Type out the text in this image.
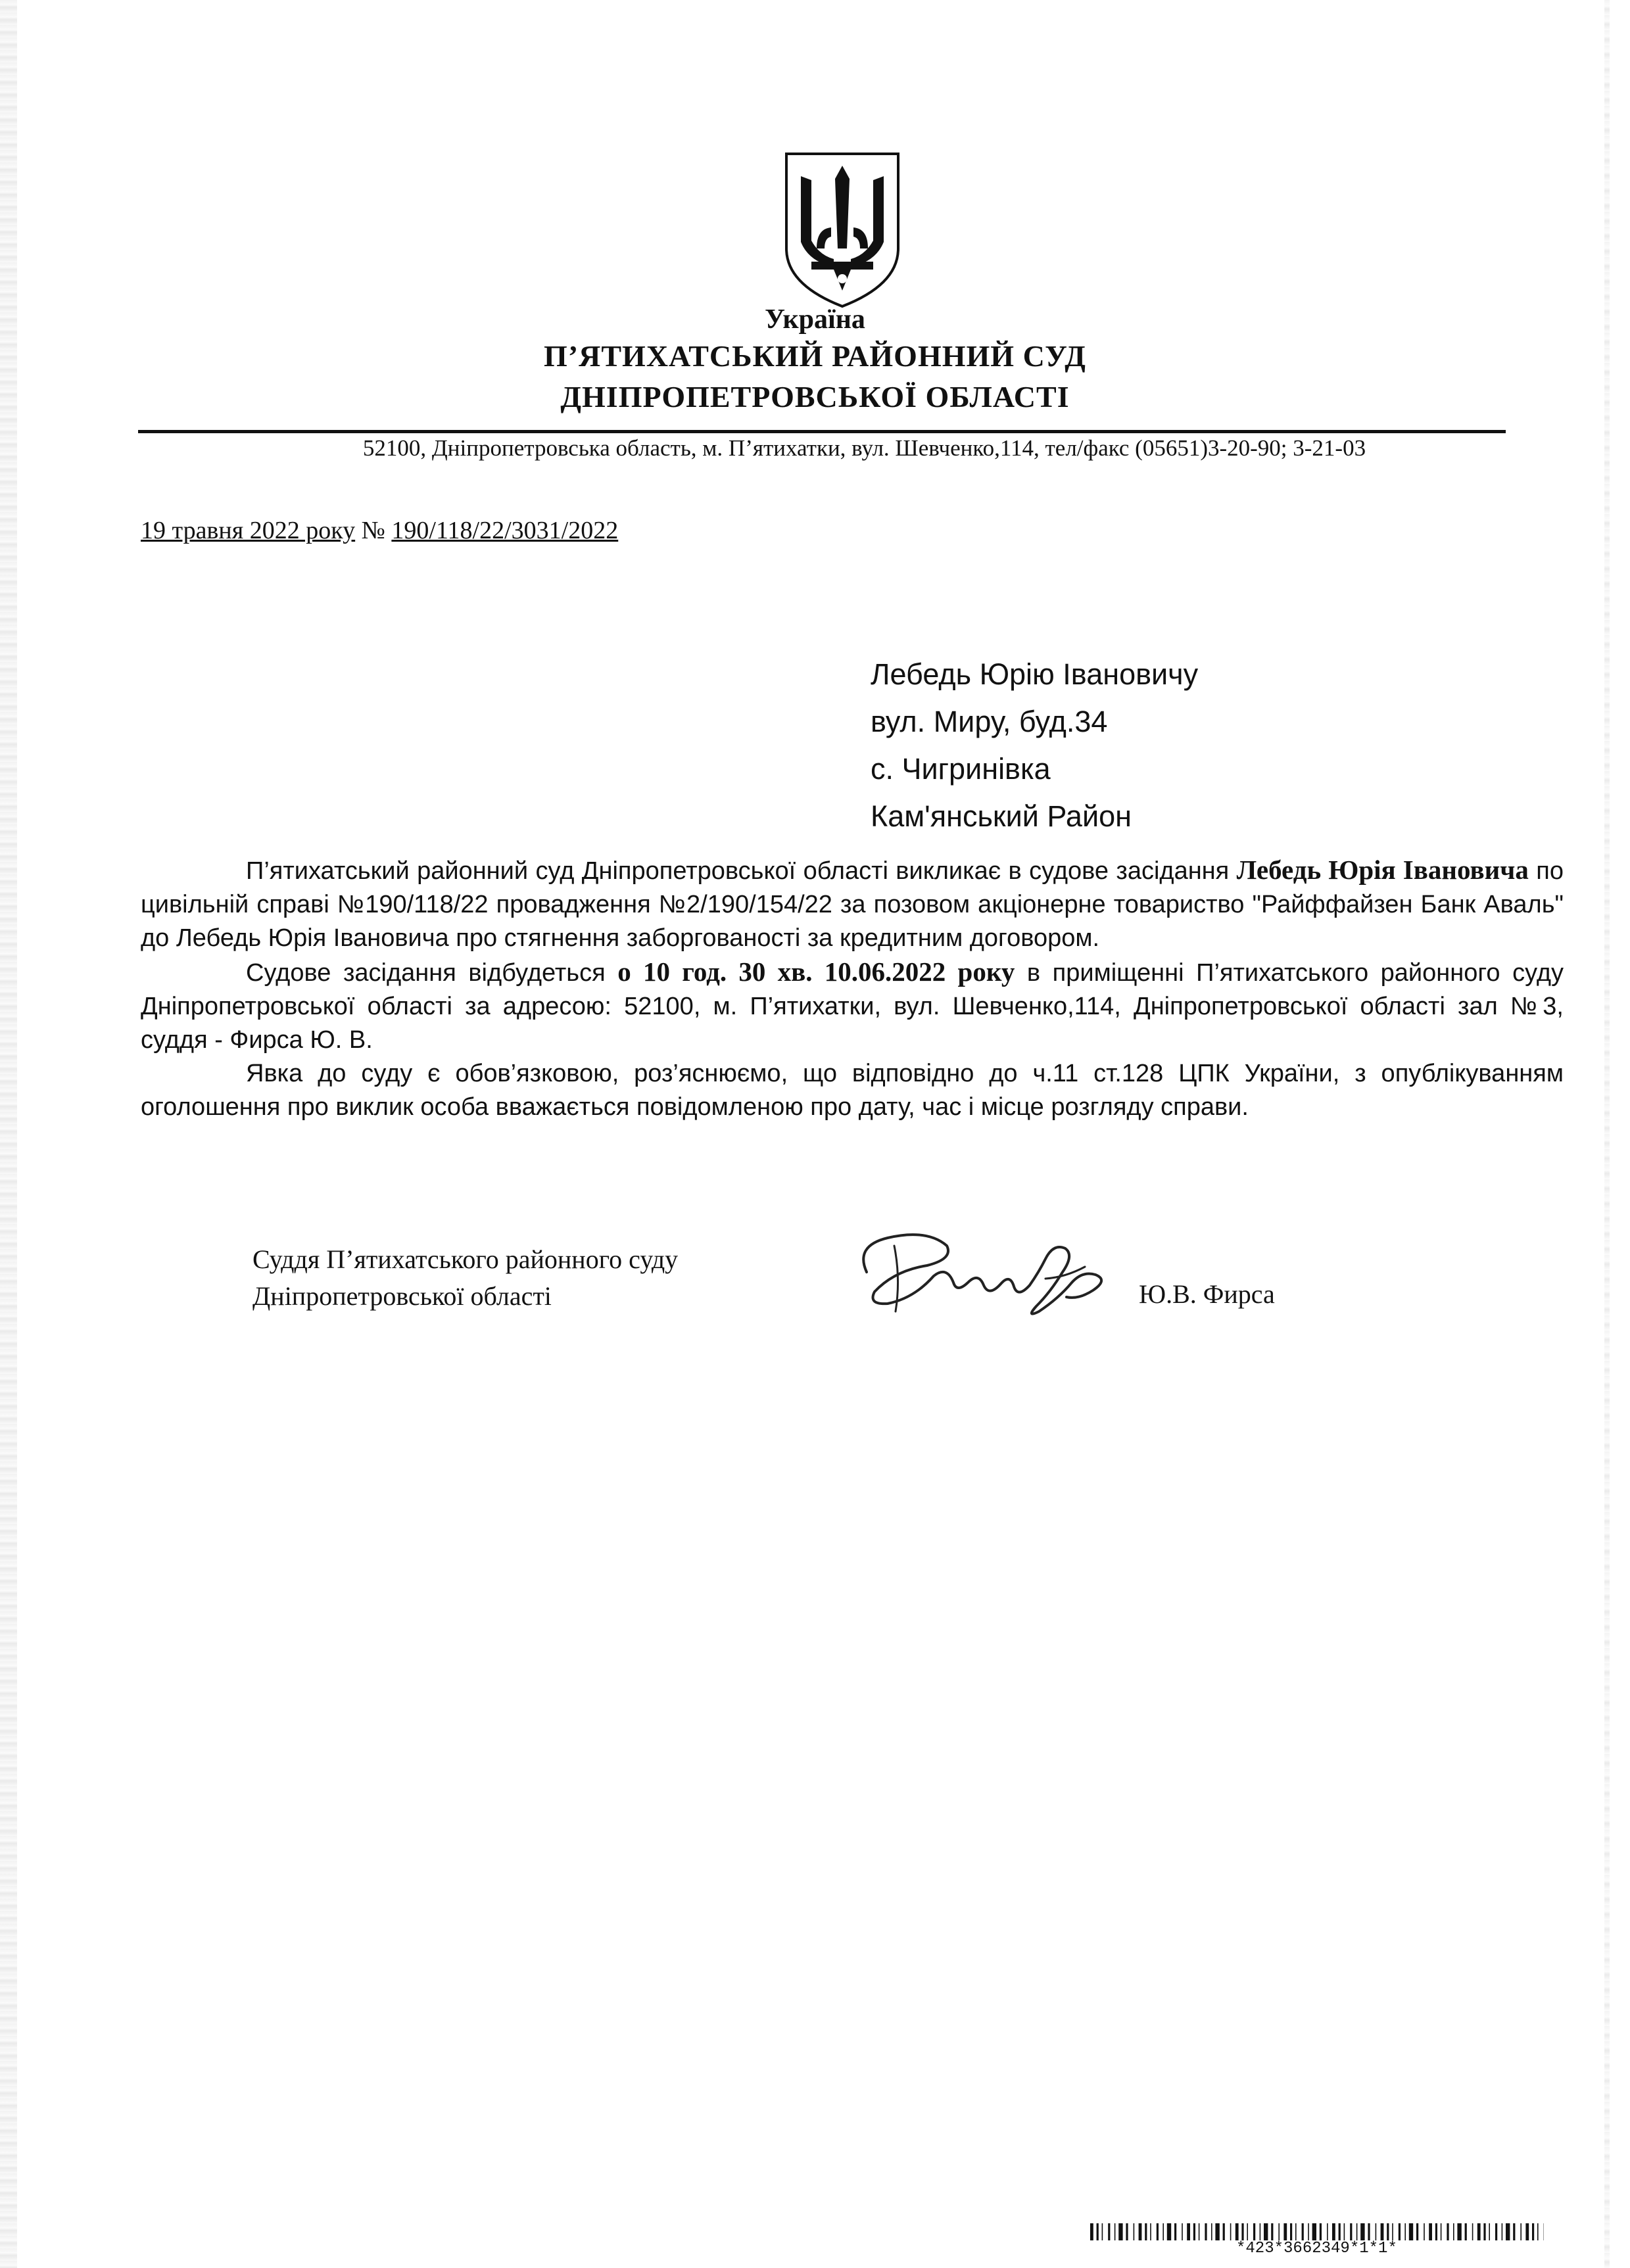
Україна
П’ЯТИХАТСЬКИЙ РАЙОННИЙ СУД
ДНІПРОПЕТРОВСЬКОЇ ОБЛАСТІ
52100, Дніпропетровська область, м. П’ятихатки, вул. Шевченко,114, тел/факс (05651)3-20-90; 3-21-03
19 травня 2022 року № 190/118/22/3031/2022
Лебедь Юрію Івановичу
вул. Миру, буд.34
с. Чигринівка
Кам'янський Район

П’ятихатський районний суд Дніпропетровської області викликає в судове засідання Лебедь Юрія Івановича по цивільній справі №190/118/22 провадження №2/190/154/22 за позовом акціонерне товариство "Райффайзен Банк Аваль" до Лебедь Юрія Івановича про стягнення заборгованості за кредитним договором.

Судове засідання відбудеться о 10 год. 30 хв. 10.06.2022 року в приміщенні П’ятихатського районного суду Дніпропетровської області за адресою: 52100, м. П’ятихатки, вул. Шевченко,114, Дніпропетровської області зал №3, суддя - Фирса Ю. В.

Явка до суду є обов’язковою, роз’яснюємо, що відповідно до ч.11 ст.128 ЦПК України, з опублікуванням оголошення про виклик особа вважається повідомленою про дату, час і місце розгляду справи.

Суддя П’ятихатського районного суду
Дніпропетровської області	Ю.В. Фирса
*423*3662349*1*1*
